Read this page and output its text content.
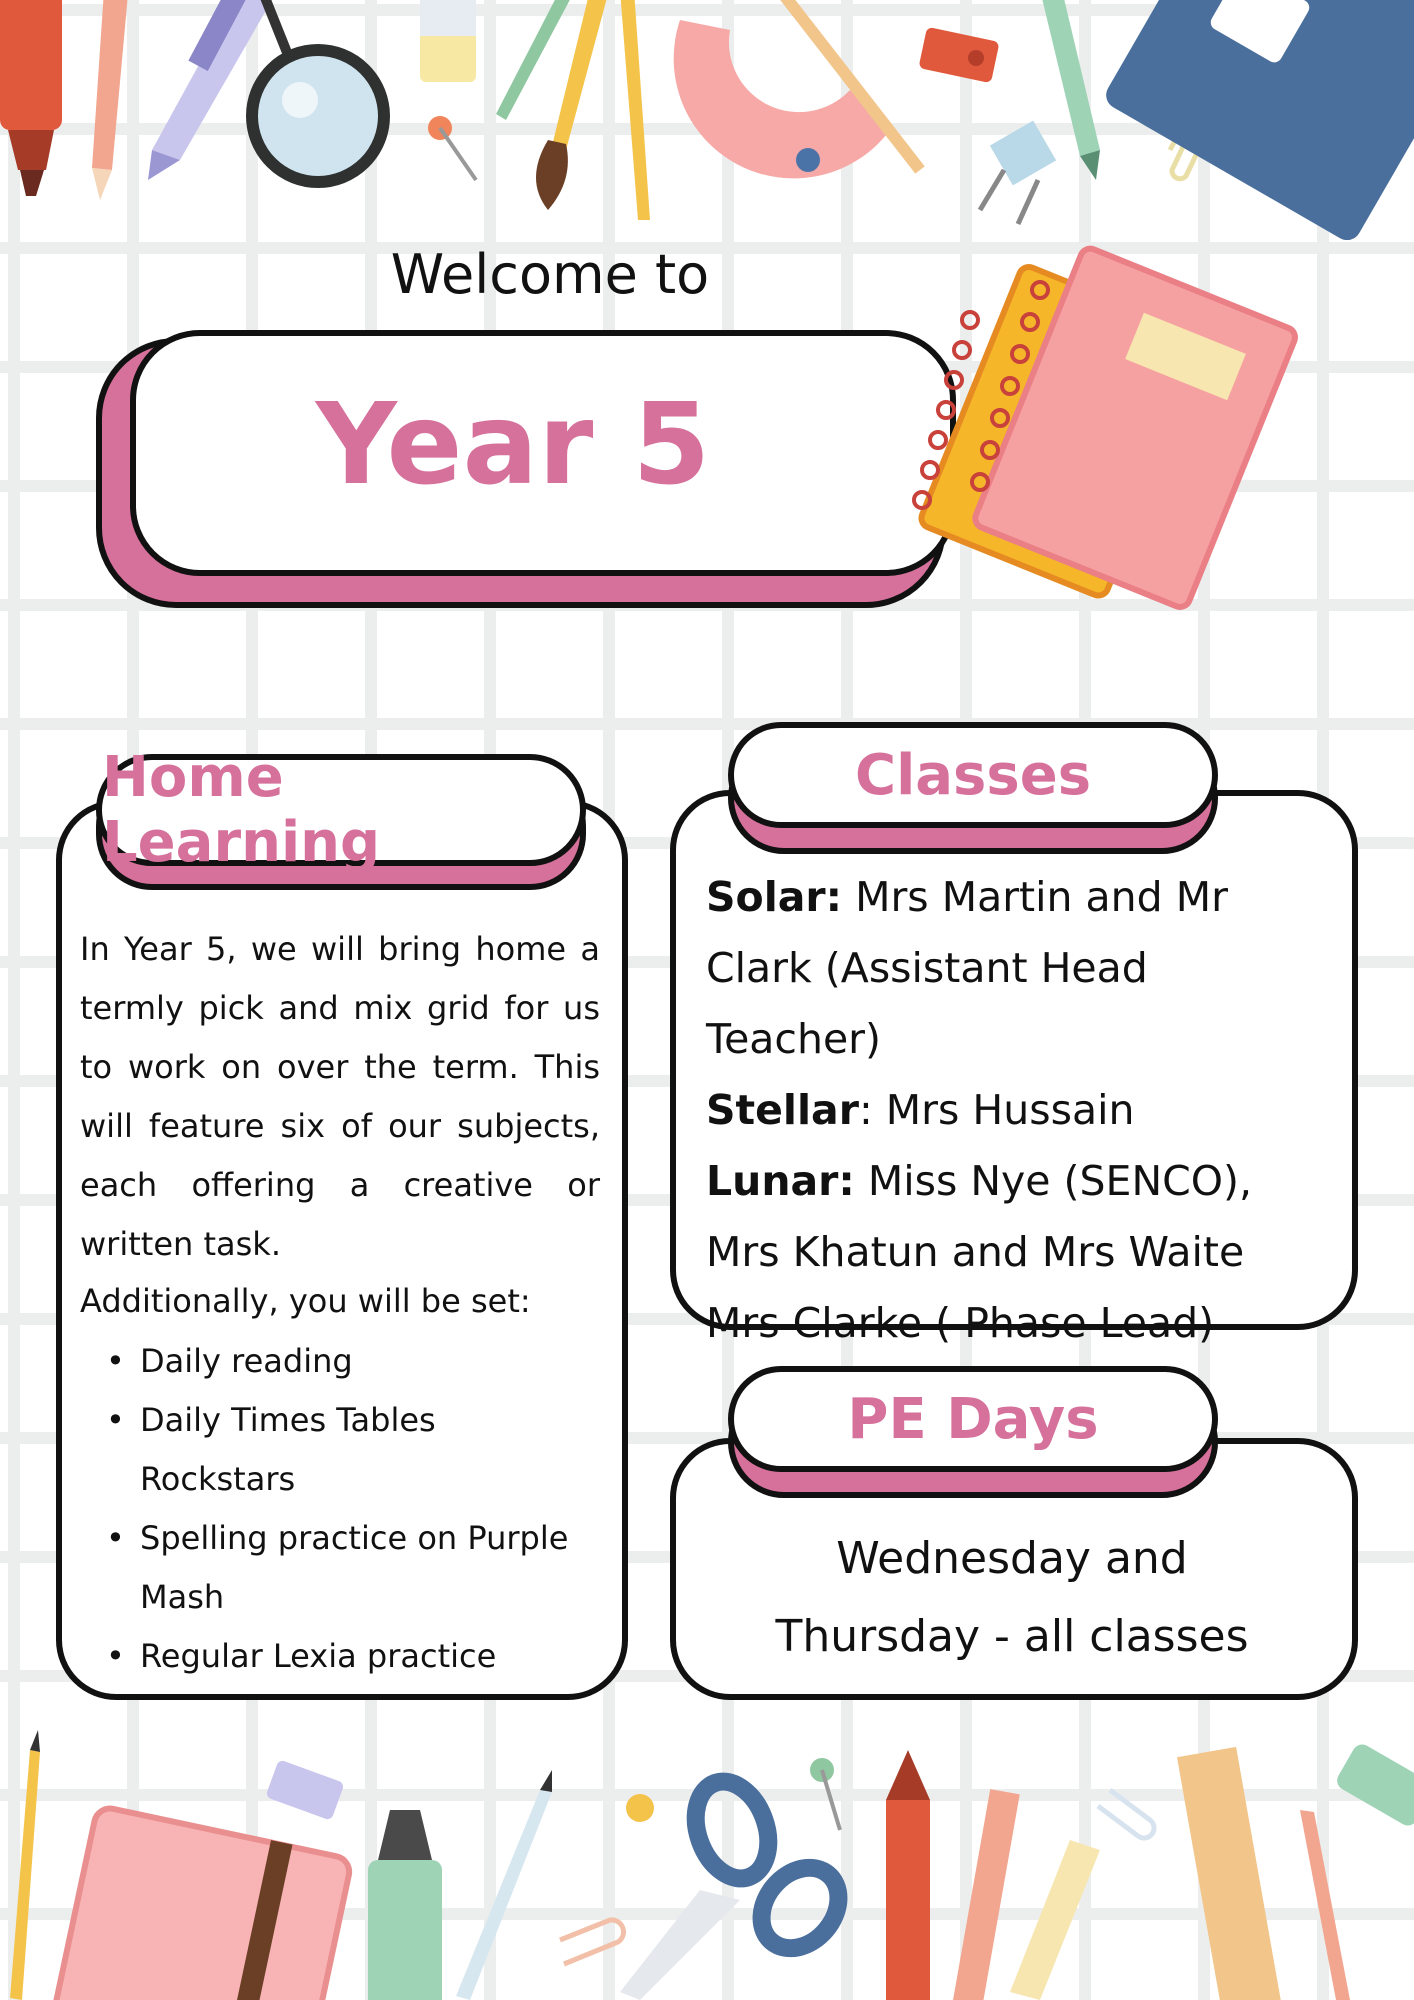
Welcome to
Year 5
Home Learning
In Year 5, we will bring home a termly pick and mix grid for us to work on over the term. This will feature six of our subjects, each offering a creative or written task.
Additionally, you will be set:
• Daily reading
• Daily Times Tables Rockstars
• Spelling practice on Purple Mash
• Regular Lexia practice
Classes
Solar: Mrs Martin and Mr Clark (Assistant Head Teacher)
Stellar: Mrs Hussain
Lunar: Miss Nye (SENCO), Mrs Khatun and Mrs Waite
Mrs Clarke ( Phase Lead)
PE Days
Wednesday and
Thursday - all classes
